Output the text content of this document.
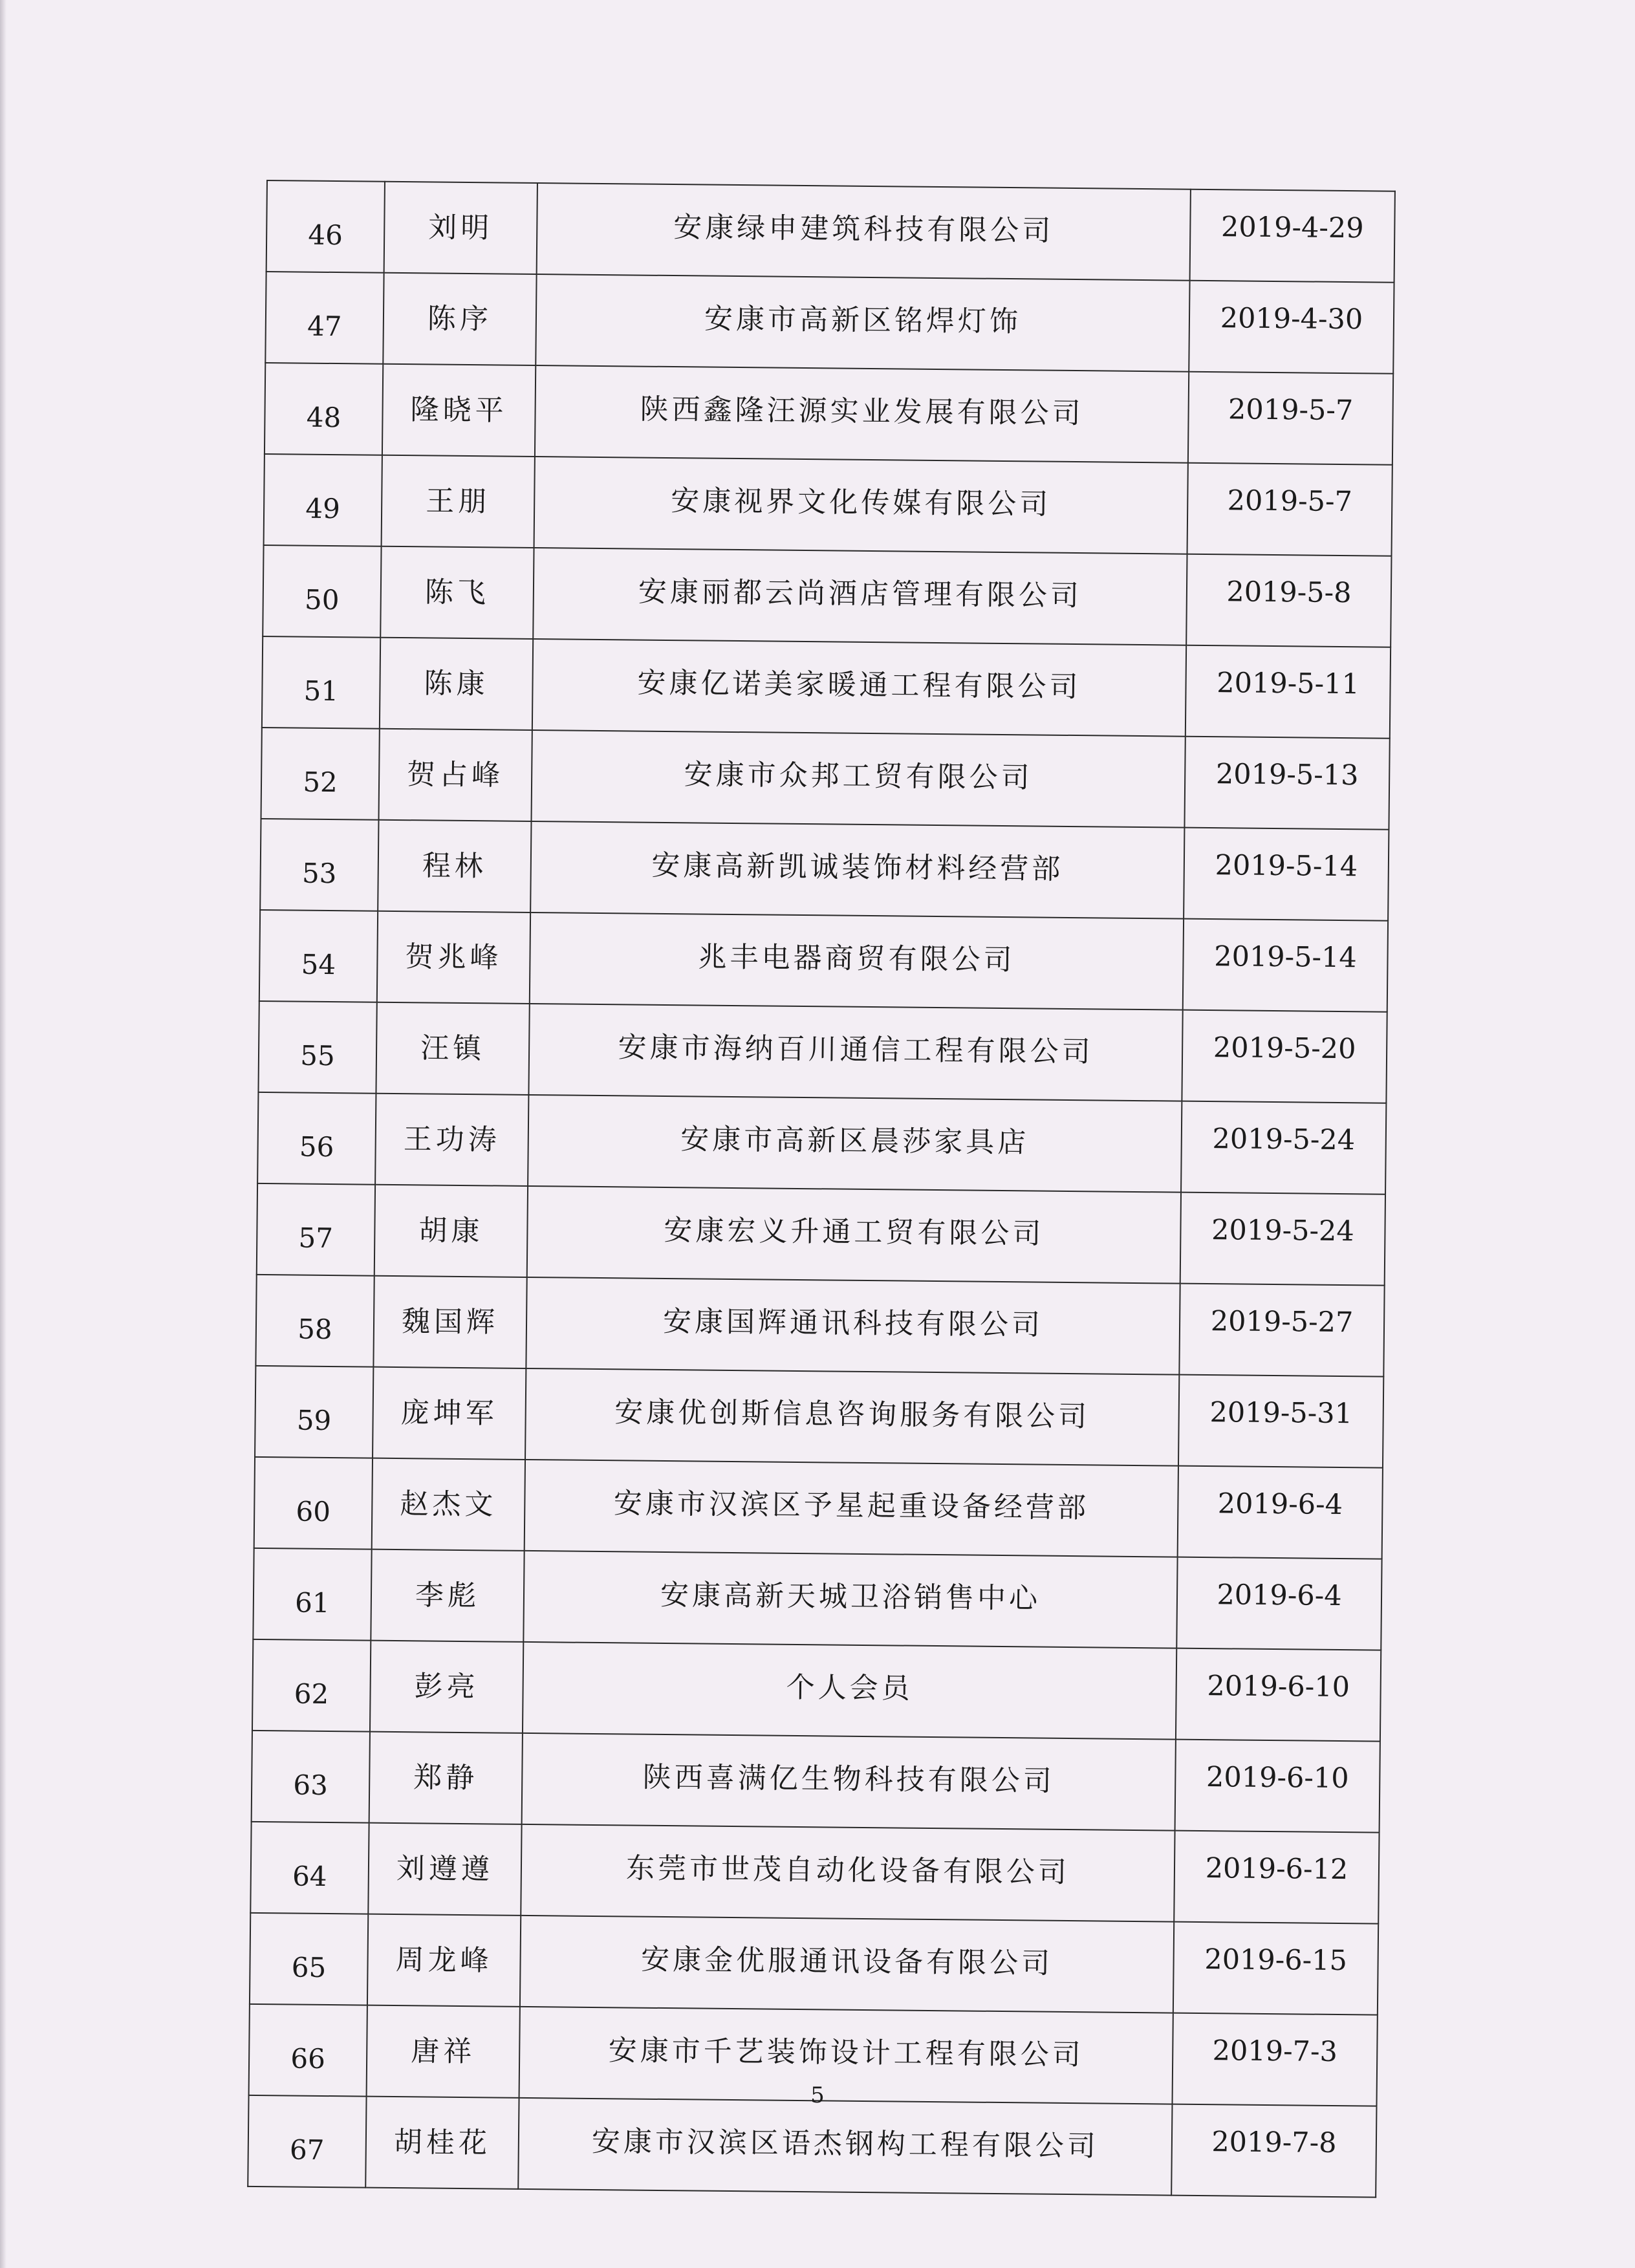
46	刘明	安康绿申建筑科技有限公司	2019-4-29
47	陈序	安康市高新区铭焊灯饰	2019-4-30
48	隆晓平	陕西鑫隆汪源实业发展有限公司	2019-5-7
49	王朋	安康视界文化传媒有限公司	2019-5-7
50	陈飞	安康丽都云尚酒店管理有限公司	2019-5-8
51	陈康	安康亿诺美家暖通工程有限公司	2019-5-11
52	贺占峰	安康市众邦工贸有限公司	2019-5-13
53	程林	安康高新凯诚装饰材料经营部	2019-5-14
54	贺兆峰	兆丰电器商贸有限公司	2019-5-14
55	汪镇	安康市海纳百川通信工程有限公司	2019-5-20
56	王功涛	安康市高新区晨莎家具店	2019-5-24
57	胡康	安康宏义升通工贸有限公司	2019-5-24
58	魏国辉	安康国辉通讯科技有限公司	2019-5-27
59	庞坤军	安康优创斯信息咨询服务有限公司	2019-5-31
60	赵杰文	安康市汉滨区予星起重设备经营部	2019-6-4
61	李彪	安康高新天城卫浴销售中心	2019-6-4
62	彭亮	个人会员	2019-6-10
63	郑静	陕西喜满亿生物科技有限公司	2019-6-10
64	刘遵遵	东莞市世茂自动化设备有限公司	2019-6-12
65	周龙峰	安康金优服通讯设备有限公司	2019-6-15
66	唐祥	安康市千艺装饰设计工程有限公司	2019-7-3
67	胡桂花	安康市汉滨区语杰钢构工程有限公司	2019-7-8
5
